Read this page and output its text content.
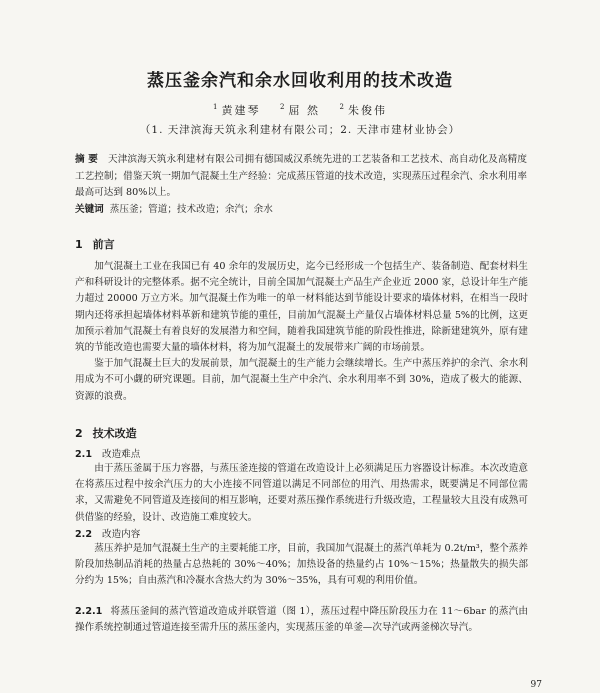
蒸压釜余汽和余水回收利用的技术改造
$^1$ 黄建琴	$^2$ 屈 然	$^2$ 朱俊伟
（1. 天津滨海天筑永利建材有限公司；2. 天津市建材业协会）
摘 要 天津滨海天筑永利建材有限公司拥有德国威汉系统先进的工艺装备和工艺技术、高自动化及高精度工艺控制；借鉴天筑一期加气混凝土生产经验：完成蒸压管道的技术改造，实现蒸压过程余汽、余水利用率最高可达到 80%以上。
关键词 蒸压釜；管道；技术改造；余汽；余水
1 前言

加气混凝土工业在我国已有 40 余年的发展历史，迄今已经形成一个包括生产、装备制造、配套材料生产和科研设计的完整体系。据不完全统计，目前全国加气混凝土产品生产企业近 2000 家，总设计年生产能力超过 20000 万立方米。加气混凝土作为唯一的单一材料能达到节能设计要求的墙体材料，在相当一段时期内还将承担起墙体材料革新和建筑节能的重任，目前加气混凝土产量仅占墙体材料总量 5%的比例，这更加预示着加气混凝土有着良好的发展潜力和空间，随着我国建筑节能的阶段性推进，除新建建筑外，原有建筑的节能改造也需要大量的墙体材料，将为加气混凝土的发展带来广阔的市场前景。

鉴于加气混凝土巨大的发展前景，加气混凝土的生产能力会继续增长。生产中蒸压养护的余汽、余水利用成为不可小觑的研究课题。目前，加气混凝土生产中余汽、余水利用率不到 30%，造成了极大的能源、资源的浪费。

2 技术改造
2.1 改造难点

由于蒸压釜属于压力容器，与蒸压釜连接的管道在改造设计上必须满足压力容器设计标准。本次改造意在将蒸压过程中按余汽压力的大小连接不同管道以满足不同部位的用汽、用热需求，既要满足不同部位需求，又需避免不同管道及连接间的相互影响，还要对蒸压操作系统进行升级改造，工程量较大且没有成熟可供借鉴的经验，设计、改造施工难度较大。

2.2 改造内容

蒸压养护是加气混凝土生产的主要耗能工序，目前，我国加气混凝土的蒸汽单耗为 0.2t/m³，整个蒸养阶段加热制品消耗的热量占总热耗的 30%～40%；加热设备的热量约占 10%～15%；热量散失的损失部分约为 15%；自由蒸汽和冷凝水含热大约为 30%～35%，具有可观的利用价值。

2.2.1 将蒸压釜间的蒸汽管道改造成并联管道（图 1），蒸压过程中降压阶段压力在 11～6bar 的蒸汽由操作系统控制通过管道连接至需升压的蒸压釜内，实现蒸压釜的单釜—次导汽或两釜梯次导汽。

97
